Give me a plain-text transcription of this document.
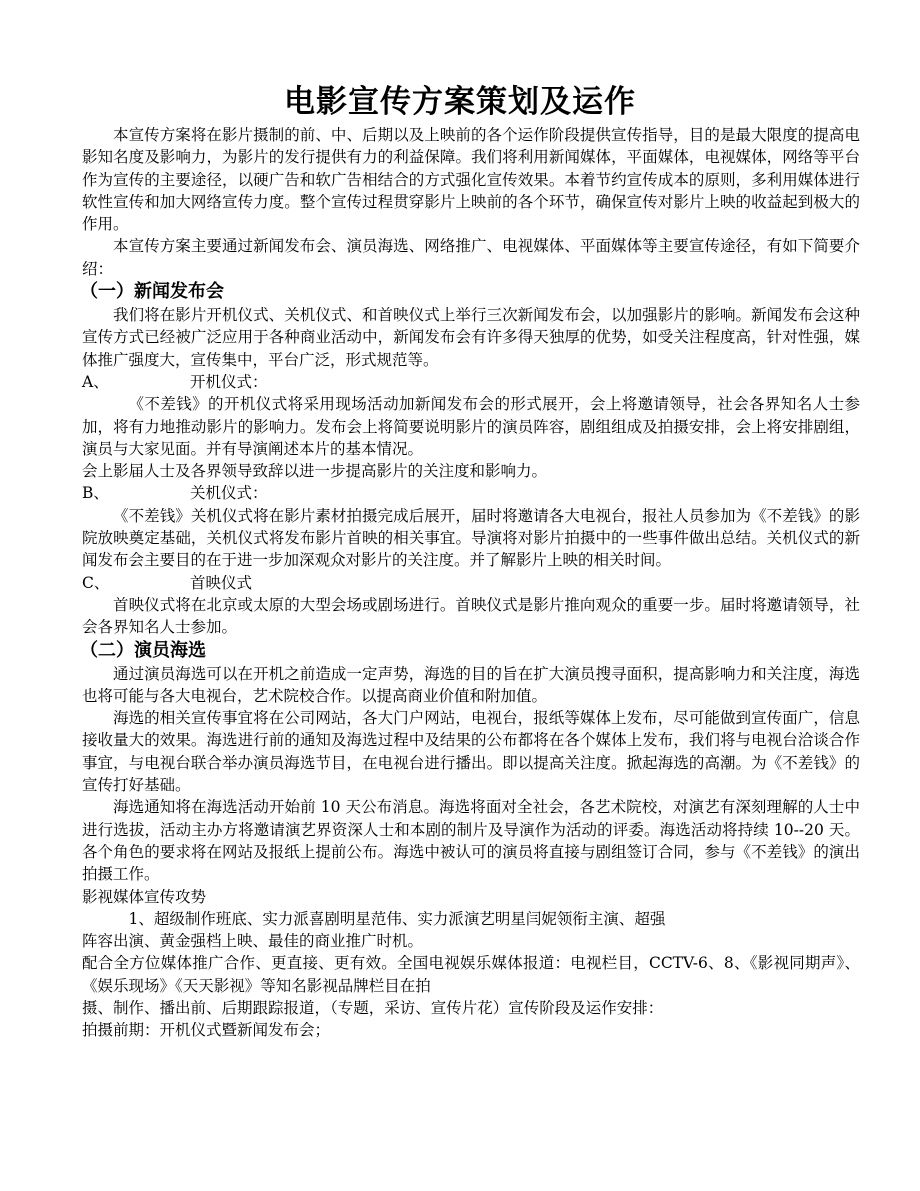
电影宣传方案策划及运作

本宣传方案将在影片摄制的前、中、后期以及上映前的各个运作阶段提供宣传指导，目的是最大限度的提高电影知名度及影响力，为影片的发行提供有力的利益保障。我们将利用新闻媒体，平面媒体，电视媒体，网络等平台作为宣传的主要途径，以硬广告和软广告相结合的方式强化宣传效果。本着节约宣传成本的原则，多利用媒体进行软性宣传和加大网络宣传力度。整个宣传过程贯穿影片上映前的各个环节，确保宣传对影片上映的收益起到极大的作用。

本宣传方案主要通过新闻发布会、演员海选、网络推广、电视媒体、平面媒体等主要宣传途径，有如下简要介绍：

（一）新闻发布会

我们将在影片开机仪式、关机仪式、和首映仪式上举行三次新闻发布会，以加强影片的影响。新闻发布会这种宣传方式已经被广泛应用于各种商业活动中，新闻发布会有许多得天独厚的优势，如受关注程度高，针对性强，媒体推广强度大，宣传集中，平台广泛，形式规范等。

A、	开机仪式：

《不差钱》的开机仪式将采用现场活动加新闻发布会的形式展开，会上将邀请领导，社会各界知名人士参加，将有力地推动影片的影响力。发布会上将简要说明影片的演员阵容，剧组组成及拍摄安排，会上将安排剧组，演员与大家见面。并有导演阐述本片的基本情况。

会上影届人士及各界领导致辞以进一步提高影片的关注度和影响力。

B、	关机仪式：

《不差钱》关机仪式将在影片素材拍摄完成后展开，届时将邀请各大电视台，报社人员参加为《不差钱》的影院放映奠定基础，关机仪式将发布影片首映的相关事宜。导演将对影片拍摄中的一些事件做出总结。关机仪式的新闻发布会主要目的在于进一步加深观众对影片的关注度。并了解影片上映的相关时间。

C、	首映仪式

首映仪式将在北京或太原的大型会场或剧场进行。首映仪式是影片推向观众的重要一步。届时将邀请领导，社会各界知名人士参加。

（二）演员海选

通过演员海选可以在开机之前造成一定声势，海选的目的旨在扩大演员搜寻面积，提高影响力和关注度，海选也将可能与各大电视台，艺术院校合作。以提高商业价值和附加值。

海选的相关宣传事宜将在公司网站，各大门户网站，电视台，报纸等媒体上发布，尽可能做到宣传面广，信息接收量大的效果。海选进行前的通知及海选过程中及结果的公布都将在各个媒体上发布，我们将与电视台洽谈合作事宜，与电视台联合举办演员海选节目，在电视台进行播出。即以提高关注度。掀起海选的高潮。为《不差钱》的宣传打好基础。

海选通知将在海选活动开始前 10 天公布消息。海选将面对全社会，各艺术院校，对演艺有深刻理解的人士中进行选拔，活动主办方将邀请演艺界资深人士和本剧的制片及导演作为活动的评委。海选活动将持续 10--20 天。各个角色的要求将在网站及报纸上提前公布。海选中被认可的演员将直接与剧组签订合同，参与《不差钱》的演出拍摄工作。

影视媒体宣传攻势

1、超级制作班底、实力派喜剧明星范伟、实力派演艺明星闫妮领衔主演、超强

阵容出演、黄金强档上映、最佳的商业推广时机。

配合全方位媒体推广合作、更直接、更有效。全国电视娱乐媒体报道：电视栏目，CCTV-6、8、《影视同期声》、《娱乐现场》《天天影视》等知名影视品牌栏目在拍

摄、制作、播出前、后期跟踪报道，（专题，采访、宣传片花）宣传阶段及运作安排：

拍摄前期：开机仪式暨新闻发布会；
